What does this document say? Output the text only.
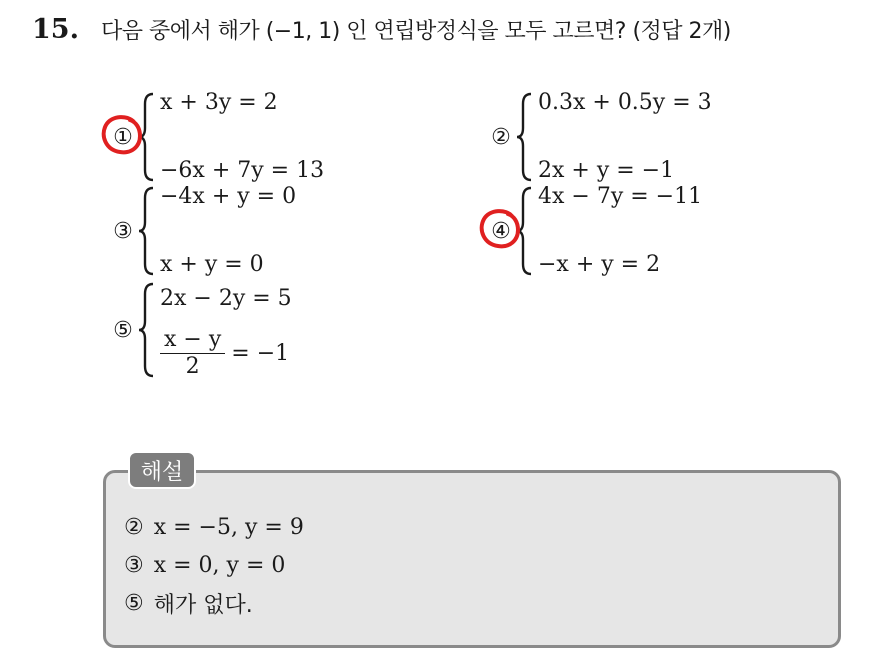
15. 다음 중에서 해가 (−1, 1) 인 연립방정식을 모두 고르면? (정답 2개)
①
x + 3y = 2
−6x + 7y = 13
②
0.3x + 0.5y = 3
2x + y = −1
③
−4x + y = 0
x + y = 0
④
4x − 7y = −11
−x + y = 2
⑤
2x − 2y = 5
$\frac{x - y}{2} = -1$
해설
② x = −5, y = 9
③ x = 0, y = 0
⑤ 해가 없다.
